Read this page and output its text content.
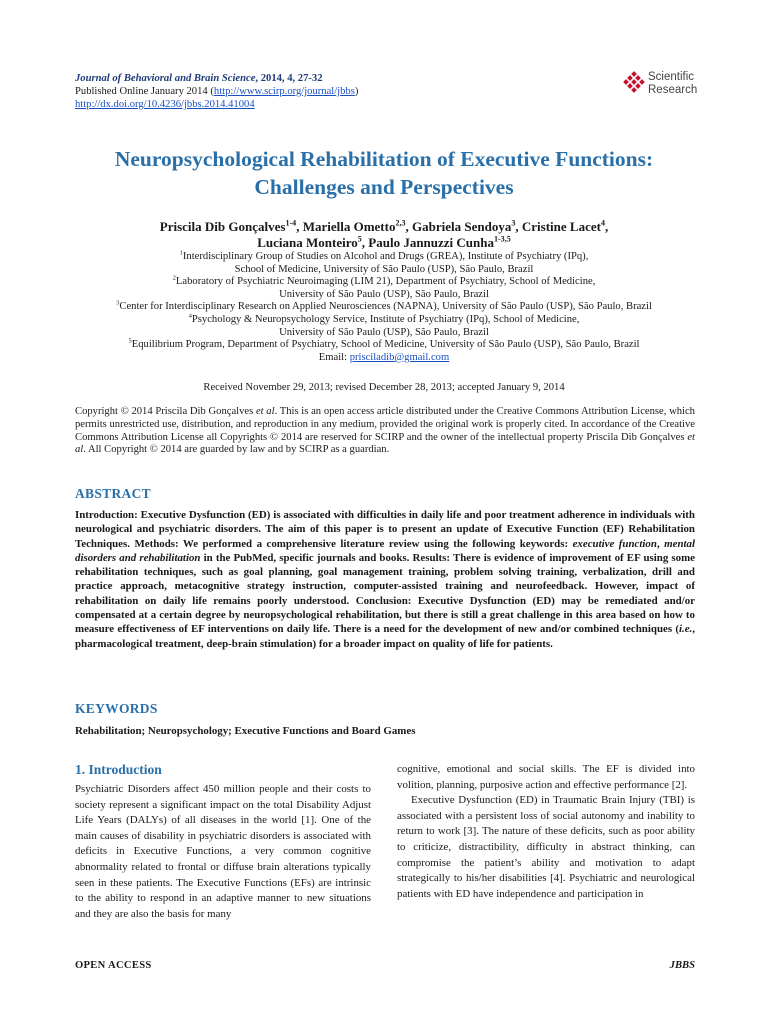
Journal of Behavioral and Brain Science, 2014, 4, 27-32
Published Online January 2014 (http://www.scirp.org/journal/jbbs)
http://dx.doi.org/10.4236/jbbs.2014.41004
Scientific
Research
Neuropsychological Rehabilitation of Executive Functions:
Challenges and Perspectives
Priscila Dib Gonçalves$^{1-4}$, Mariella Ometto$^{2,3}$, Gabriela Sendoya$^3$, Cristine Lacet$^4$,
Luciana Monteiro$^5$, Paulo Jannuzzi Cunha$^{1-3,5}$
$^1$Interdisciplinary Group of Studies on Alcohol and Drugs (GREA), Institute of Psychiatry (IPq),
School of Medicine, University of São Paulo (USP), São Paulo, Brazil
$^2$Laboratory of Psychiatric Neuroimaging (LIM 21), Department of Psychiatry, School of Medicine,
University of São Paulo (USP), São Paulo, Brazil
$^3$Center for Interdisciplinary Research on Applied Neurosciences (NAPNA), University of São Paulo (USP), São Paulo, Brazil
$^4$Psychology & Neuropsychology Service, Institute of Psychiatry (IPq), School of Medicine,
University of São Paulo (USP), São Paulo, Brazil
$^5$Equilibrium Program, Department of Psychiatry, School of Medicine, University of São Paulo (USP), São Paulo, Brazil
Email: prisciladib@gmail.com
Received November 29, 2013; revised December 28, 2013; accepted January 9, 2014
Copyright © 2014 Priscila Dib Gonçalves et al. This is an open access article distributed under the Creative Commons Attribution License, which permits unrestricted use, distribution, and reproduction in any medium, provided the original work is properly cited. In accordance of the Creative Commons Attribution License all Copyrights © 2014 are reserved for SCIRP and the owner of the intellectual property Priscila Dib Gonçalves et al. All Copyright © 2014 are guarded by law and by SCIRP as a guardian.
ABSTRACT
Introduction: Executive Dysfunction (ED) is associated with difficulties in daily life and poor treatment adherence in individuals with neurological and psychiatric disorders. The aim of this paper is to present an update of Executive Function (EF) Rehabilitation Techniques. Methods: We performed a comprehensive literature review using the following keywords: executive function, mental disorders and rehabilitation in the PubMed, specific journals and books. Results: There is evidence of improvement of EF using some rehabilitation techniques, such as goal planning, goal management training, problem solving training, verbalization, drill and practice approach, metacognitive strategy instruction, computer-assisted training and neurofeedback. However, impact of rehabilitation on daily life remains poorly understood. Conclusion: Executive Dysfunction (ED) may be remediated and/or compensated at a certain degree by neuropsychological rehabilitation, but there is still a great challenge in this area based on how to measure effectiveness of EF interventions on daily life. There is a need for the development of new and/or combined techniques (i.e., pharmacological treatment, deep-brain stimulation) for a broader impact on quality of life for patients.
KEYWORDS
Rehabilitation; Neuropsychology; Executive Functions and Board Games
1. Introduction
Psychiatric Disorders affect 450 million people and their costs to society represent a significant impact on the total Disability Adjust Life Years (DALYs) of all diseases in the world [1]. One of the main causes of disability in psychiatric disorders is associated with deficits in Executive Functions, a very common cognitive abnormality related to frontal or diffuse brain alterations typically seen in these patients. The Executive Functions (EFs) are intrinsic to the ability to respond in an adaptive manner to new situations and they are also the basis for many
cognitive, emotional and social skills. The EF is divided into volition, planning, purposive action and effective performance [2].
Executive Dysfunction (ED) in Traumatic Brain Injury (TBI) is associated with a persistent loss of social autonomy and inability to return to work [3]. The nature of these deficits, such as poor ability to criticize, distractibility, difficulty in abstract thinking, can compromise the patient’s ability and motivation to adapt strategically to his/her disabilities [4]. Psychiatric and neurological patients with ED have independence and participation in
OPEN ACCESS	JBBS
